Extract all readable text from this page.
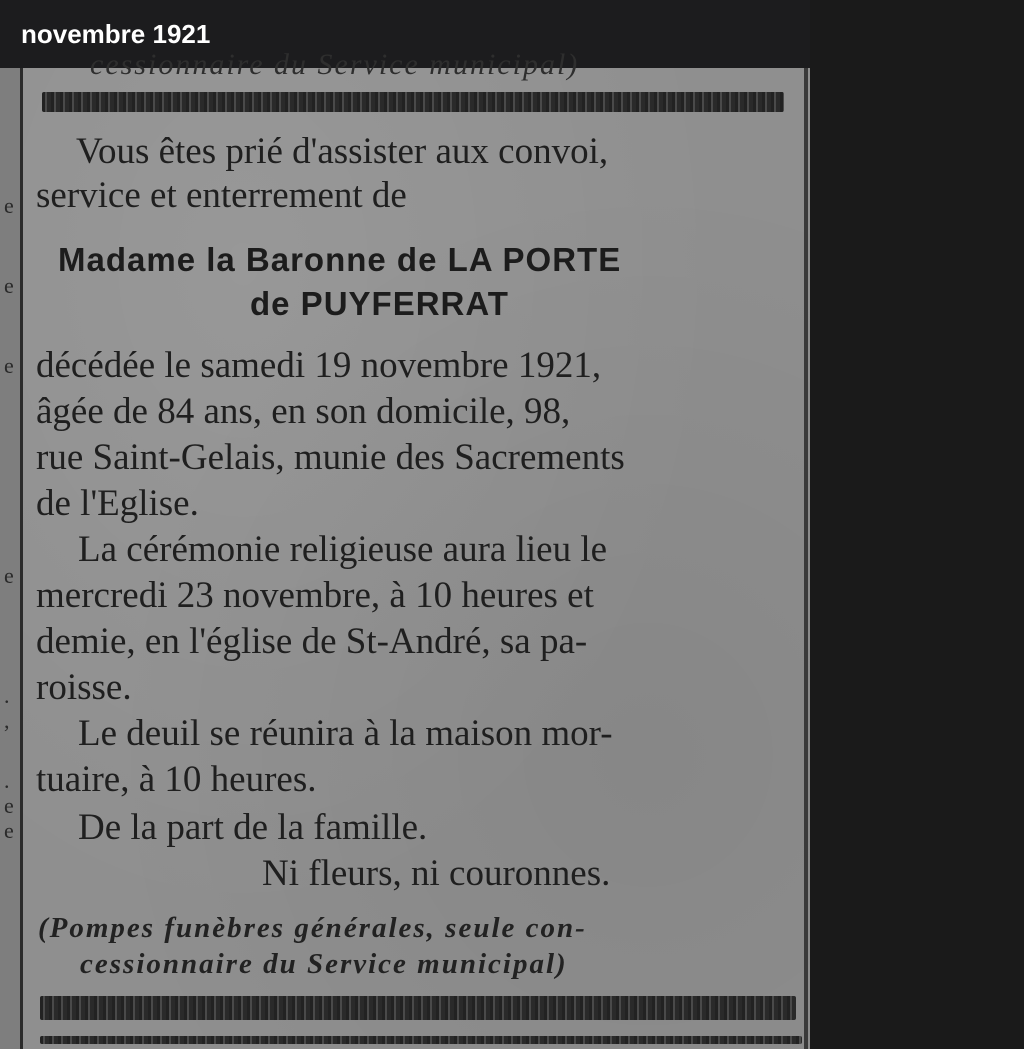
novembre 1921
e
e
e
e
.
,
.
e
e
cessionnaire du Service municipal)
Vous êtes prié d'assister aux convoi,
service et enterrement de
Madame la Baronne de LA PORTE
de PUYFERRAT
décédée le samedi 19 novembre 1921,
âgée de 84 ans, en son domicile, 98,
rue Saint-Gelais, munie des Sacrements
de l'Eglise.
La cérémonie religieuse aura lieu le
mercredi 23 novembre, à 10 heures et
demie, en l'église de St-André, sa pa-
roisse.
Le deuil se réunira à la maison mor-
tuaire, à 10 heures.
De la part de la famille.
Ni fleurs, ni couronnes.
(Pompes funèbres générales, seule con-
cessionnaire du Service municipal)
